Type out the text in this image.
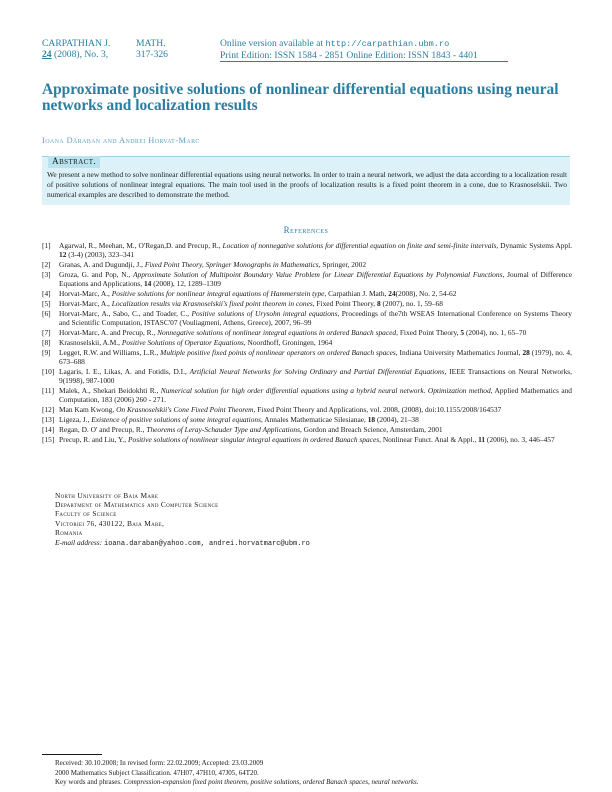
CARPATHIAN J.	MATH.
24 (2008), No. 3,	317-326
Online version available at http://carpathian.ubm.ro
Print Edition: ISSN 1584 - 2851 Online Edition: ISSN 1843 - 4401
Approximate positive solutions of nonlinear differential equations using neural networks and localization results
Ioana Dăraban and Andrei Horvat-Marc
Abstract.
We present a new method to solve nonlinear differential equations using neural networks. In order to train a neural network, we adjust the data according to a localization result of positive solutions of nonlinear integral equations. The main tool used in the proofs of localization results is a fixed point theorem in a cone, due to Krasnoselskii. Two numerical examples are described to demonstrate the method.
References
[1] Agarwal, R., Meehan, M., O'Regan,D. and Precup, R., Location of nonnegative solutions for differential equation on finite and semi-finite intervals, Dynamic Systems Appl. 12 (3-4) (2003), 323–341
[2] Granas, A. and Dugundji, J., Fixed Point Theory, Springer Monographs in Mathematics, Springer, 2002
[3] Groza, G. and Pop, N., Approximate Solution of Multipoint Boundary Value Problem for Linear Differential Equations by Polynomial Functions, Journal of Difference Equations and Applications, 14 (2008), 12, 1289–1309
[4] Horvat-Marc, A., Positive solutions for nonlinear integral equations of Hammerstein type, Carpathian J. Math, 24(2008), No. 2, 54-62
[5] Horvat-Marc, A., Localization results via Krasnoselskii's fixed point theorem in cones, Fixed Point Theory, 8 (2007), no. 1, 59–68
[6] Horvat-Marc, A., Sabo, C., and Toader, C., Positive solutions of Urysohn integral equations, Proceedings of the7th WSEAS International Conference on Systems Theory and Scientific Computation, ISTASC'07 (Vouliagmeni, Athens, Greece), 2007, 96–99
[7] Horvat-Marc, A. and Precup, R., Nonnegative solutions of nonlinear integral equations in ordered Banach spaced, Fixed Point Theory, 5 (2004), no. 1, 65–70
[8] Krasnoselskii, A.M., Positive Solutions of Operator Equations, Noordhoff, Groningen, 1964
[9] Legget, R.W. and Williams, L.R., Multiple positive fixed points of nonlinear operators on ordered Banach spaces, Indiana University Mathematics Journal, 28 (1979), no. 4, 673–688
[10] Lagaris, I. E., Likas, A. and Fotidis, D.I., Artificial Neural Networks for Solving Ordinary and Partial Differential Equations, IEEE Transactions on Neural Networks, 9(1998), 987-1000
[11] Malek, A., Shekari Beidokhti R., Numerical solution for high order differential equations using a hybrid neural network. Optimization method, Applied Mathematics and Computation, 183 (2006) 260 - 271.
[12] Man Kam Kwong, On Krasnoselskii's Cone Fixed Point Theorem, Fixed Point Theory and Applications, vol. 2008, (2008), doi:10.1155/2008/164537
[13] Ligeza, J., Existence of positive solutions of some integral equations, Annales Mathematicae Silesianae, 18 (2004), 21–38
[14] Regan, D. O' and Precup, R., Theorems of Leray-Schauder Type and Applications, Gordon and Breach Science, Amsterdam, 2001
[15] Precup, R. and Liu, Y., Positive solutions of nonlinear singular integral equations in ordered Banach spaces, Nonlinear Funct. Anal & Appl., 11 (2006), no. 3, 446–457
North University of Baia Mare
Department of Mathematics and Computer Science
Faculty of Science
Victoriei 76, 430122, Baia Mare,
Romania
E-mail address: ioana.daraban@yahoo.com, andrei.horvatmarc@ubm.ro
Received: 30.10.2008; In revised form: 22.02.2009; Accepted: 23.03.2009
2000 Mathematics Subject Classification. 47H07, 47H10, 47J05, 64T20.
Key words and phrases. Compression-expansion fixed point theorem, positive solutions, ordered Banach spaces, neural networks.
